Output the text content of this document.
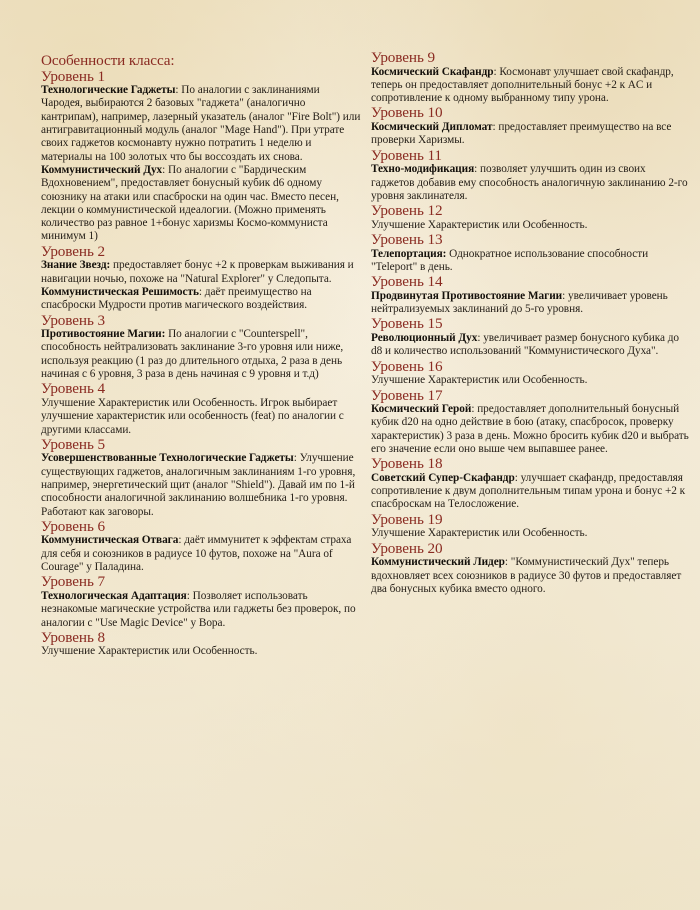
Особенности класса:
Уровень 1

Технологические Гаджеты: По аналогии с заклинаниями Чародея, выбираются 2 базовых "гаджета" (аналогично кантрипам), например, лазерный указатель (аналог "Fire Bolt") или антигравитационный модуль (аналог "Mage Hand"). При утрате своих гаджетов космонавту нужно потратить 1 неделю и материалы на 100 золотых что бы воссоздать их снова.

Коммунистический Дух: По аналогии с "Бардическим Вдохновением", предоставляет бонусный кубик d6 одному союзнику на атаки или спасброски на один час. Вместо песен, лекции о коммунистической идеалогии. (Можно применять количество раз равное 1+бонус харизмы Космо-коммуниста минимум 1)

Уровень 2

Знание Звезд: предоставляет бонус +2 к проверкам выживания и навигации ночью, похоже на "Natural Explorer" у Следопыта.

Коммунистическая Решимость: даёт преимущество на спасброски Мудрости против магического воздействия.

Уровень 3

Противостояние Магии: По аналогии с "Counterspell", способность нейтрализовать заклинание 3-го уровня или ниже, используя реакцию (1 раз до длительного отдыха, 2 раза в день начиная с 6 уровня, 3 раза в день начиная с 9 уровня и т.д)

Уровень 4

Улучшение Характеристик или Особенность. Игрок выбирает улучшение характеристик или особенность (feat) по аналогии с другими классами.

Уровень 5

Усовершенствованные Технологические Гаджеты: Улучшение существующих гаджетов, аналогичным заклинаниям 1-го уровня, например, энергетический щит (аналог "Shield"). Давай им по 1-й способности аналогичной заклинанию волшебника 1-го уровня. Работают как заговоры.

Уровень 6

Коммунистическая Отвага: даёт иммунитет к эффектам страха для себя и союзников в радиусе 10 футов, похоже на "Aura of Courage" у Паладина.

Уровень 7

Технологическая Адаптация: Позволяет использовать незнакомые магические устройства или гаджеты без проверок, по аналогии с "Use Magic Device" у Вора.

Уровень 8

Улучшение Характеристик или Особенность.

Уровень 9

Космический Скафандр: Космонавт улучшает свой скафандр, теперь он предоставляет дополнительный бонус +2 к AC и сопротивление к одному выбранному типу урона.

Уровень 10

Космический Дипломат: предоставляет преимущество на все проверки Харизмы.

Уровень 11

Техно-модификация: позволяет улучшить один из своих гаджетов добавив ему способность аналогичную заклинанию 2-го уровня заклинателя.

Уровень 12

Улучшение Характеристик или Особенность.

Уровень 13

Телепортация: Однократное использование способности "Teleport" в день.

Уровень 14

Продвинутая Противостояние Магии: увеличивает уровень нейтрализуемых заклинаний до 5-го уровня.

Уровень 15

Революционный Дух: увеличивает размер бонусного кубика до d8 и количество использований "Коммунистического Духа".

Уровень 16

Улучшение Характеристик или Особенность.

Уровень 17

Космический Герой: предоставляет дополнительный бонусный кубик d20 на одно действие в бою (атаку, спасбросок, проверку характеристик) 3 раза в день. Можно бросить кубик d20 и выбрать его значение если оно выше чем выпавшее ранее.

Уровень 18

Советский Супер-Скафандр: улучшает скафандр, предоставляя сопротивление к двум дополнительным типам урона и бонус +2 к спасброскам на Телосложение.

Уровень 19

Улучшение Характеристик или Особенность.

Уровень 20

Коммунистический Лидер: "Коммунистический Дух" теперь вдохновляет всех союзников в радиусе 30 футов и предоставляет два бонусных кубика вместо одного.
